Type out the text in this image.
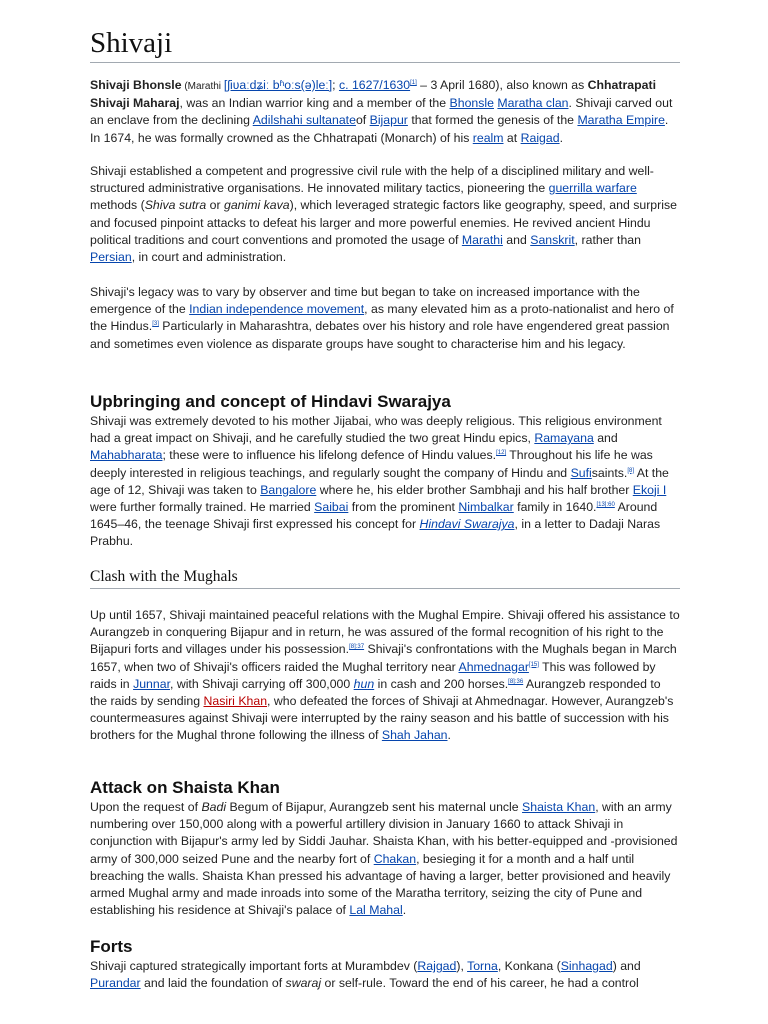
Shivaji

Shivaji Bhonsle (Marathi [ʃiʋaːdʑiː bʱoːs(ə)leː]; c. 1627/1630[1] – 3 April 1680), also known as Chhatrapati Shivaji Maharaj, was an Indian warrior king and a member of the Bhonsle Maratha clan. Shivaji carved out an enclave from the declining Adilshahi sultanateof Bijapur that formed the genesis of the Maratha Empire. In 1674, he was formally crowned as the Chhatrapati (Monarch) of his realm at Raigad.

Shivaji established a competent and progressive civil rule with the help of a disciplined military and well-structured administrative organisations. He innovated military tactics, pioneering the guerrilla warfare methods (Shiva sutra or ganimi kava), which leveraged strategic factors like geography, speed, and surprise and focused pinpoint attacks to defeat his larger and more powerful enemies. He revived ancient Hindu political traditions and court conventions and promoted the usage of Marathi and Sanskrit, rather than Persian, in court and administration.

Shivaji's legacy was to vary by observer and time but began to take on increased importance with the emergence of the Indian independence movement, as many elevated him as a proto-nationalist and hero of the Hindus.[3] Particularly in Maharashtra, debates over his history and role have engendered great passion and sometimes even violence as disparate groups have sought to characterise him and his legacy.

Upbringing and concept of Hindavi Swarajya

Shivaji was extremely devoted to his mother Jijabai, who was deeply religious. This religious environment had a great impact on Shivaji, and he carefully studied the two great Hindu epics, Ramayana and Mahabharata; these were to influence his lifelong defence of Hindu values.[12] Throughout his life he was deeply interested in religious teachings, and regularly sought the company of Hindu and Sufisaints.[8] At the age of 12, Shivaji was taken to Bangalore where he, his elder brother Sambhaji and his half brother Ekoji I were further formally trained. He married Saibai from the prominent Nimbalkar family in 1640.$^{[13]:60}$ Around 1645–46, the teenage Shivaji first expressed his concept for Hindavi Swarajya, in a letter to Dadaji Naras Prabhu.

Clash with the Mughals

Up until 1657, Shivaji maintained peaceful relations with the Mughal Empire. Shivaji offered his assistance to Aurangzeb in conquering Bijapur and in return, he was assured of the formal recognition of his right to the Bijapuri forts and villages under his possession.$^{[8]:37}$ Shivaji's confrontations with the Mughals began in March 1657, when two of Shivaji's officers raided the Mughal territory near Ahmednagar[15] This was followed by raids in Junnar, with Shivaji carrying off 300,000 hun in cash and 200 horses.$^{[8]:36}$ Aurangzeb responded to the raids by sending Nasiri Khan, who defeated the forces of Shivaji at Ahmednagar. However, Aurangzeb's countermeasures against Shivaji were interrupted by the rainy season and his battle of succession with his brothers for the Mughal throne following the illness of Shah Jahan.

Attack on Shaista Khan

Upon the request of Badi Begum of Bijapur, Aurangzeb sent his maternal uncle Shaista Khan, with an army numbering over 150,000 along with a powerful artillery division in January 1660 to attack Shivaji in conjunction with Bijapur's army led by Siddi Jauhar. Shaista Khan, with his better-equipped and -provisioned army of 300,000 seized Pune and the nearby fort of Chakan, besieging it for a month and a half until breaching the walls. Shaista Khan pressed his advantage of having a larger, better provisioned and heavily armed Mughal army and made inroads into some of the Maratha territory, seizing the city of Pune and establishing his residence at Shivaji's palace of Lal Mahal.

Forts

Shivaji captured strategically important forts at Murambdev (Rajgad), Torna, Konkana (Sinhagad) and Purandar and laid the foundation of swaraj or self-rule. Toward the end of his career, he had a control
